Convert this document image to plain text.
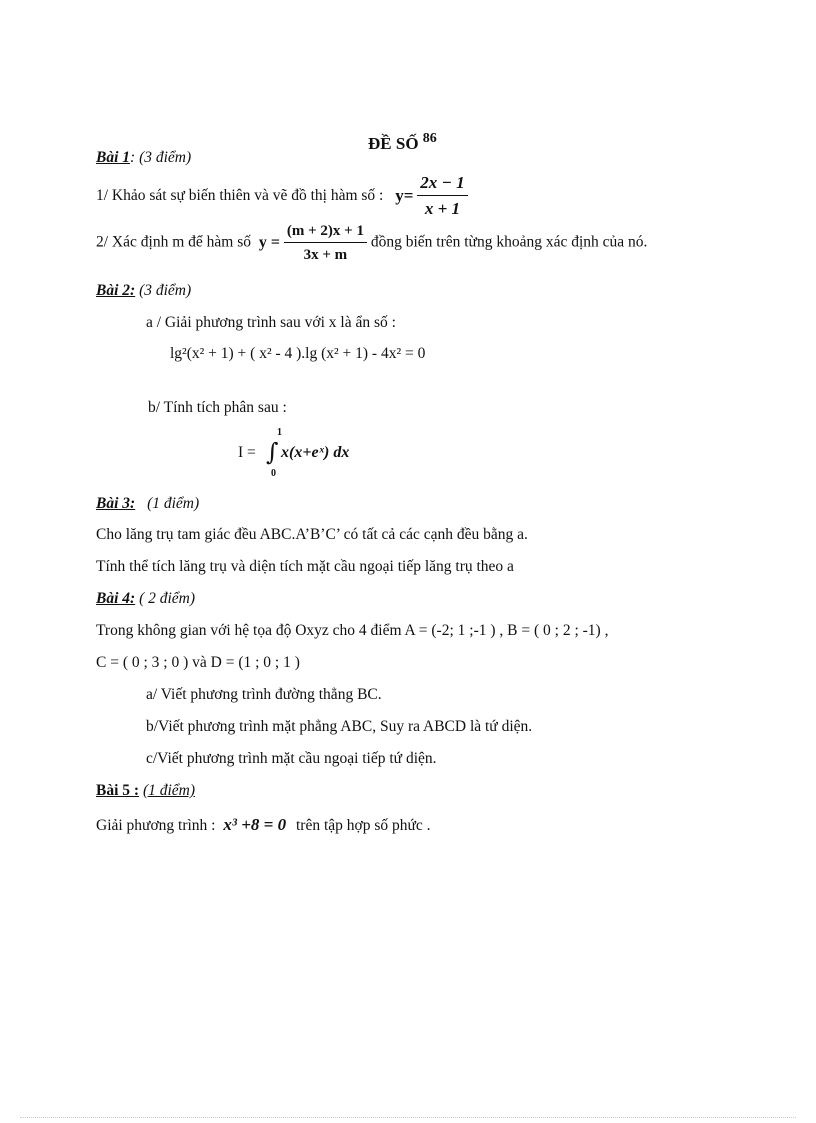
ĐỀ SỐ $^{86}$
Bài 1: (3 điểm)
1/ Khảo sát sự biến thiên và vẽ đồ thị hàm số : $y= \frac{2x - 1}{x + 1}$
2/ Xác định m để hàm số $y = \frac{(m + 2)x + 1}{3x + m}$ đồng biến trên từng khoảng xác định của nó.
Bài 2: (3 điểm)
a / Giải phương trình sau với x là ẩn số :
lg²(x² + 1) + ( x² - 4 ).lg (x² + 1) - 4x² = 0
b/ Tính tích phân sau :
I = ∫
1
0
x(x+eˣ) dx
Bài 3: (1 điểm)
Cho lăng trụ tam giác đều ABC.A’B’C’ có tất cả các cạnh đều bằng a.
Tính thể tích lăng trụ và diện tích mặt cầu ngoại tiếp lăng trụ theo a
Bài 4: ( 2 điểm)
Trong không gian với hệ tọa độ Oxyz cho 4 điểm A = (-2; 1 ;-1 ) , B = ( 0 ; 2 ; -1) ,
C = ( 0 ; 3 ; 0 ) và D = (1 ; 0 ; 1 )
a/ Viết phương trình đường thẳng BC.
b/Viết phương trình mặt phẳng ABC, Suy ra ABCD là tứ diện.
c/Viết phương trình mặt cầu ngoại tiếp tứ diện.
Bài 5 : (1 điểm)
Giải phương trình : x³ +8 = 0 trên tập hợp số phức .
